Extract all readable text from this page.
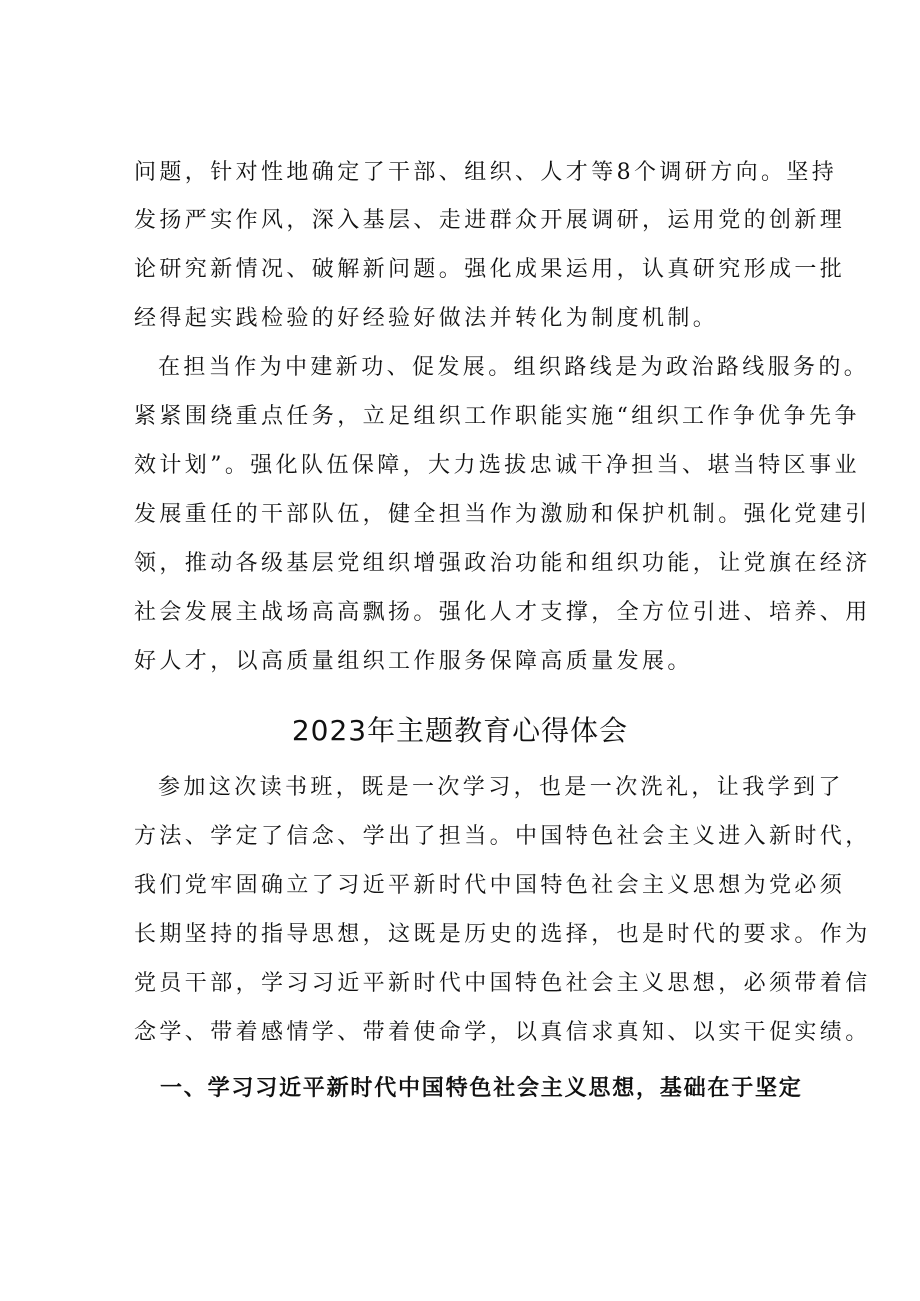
问题，针对性地确定了干部、组织、人才等8个调研方向。坚持
发扬严实作风，深入基层、走进群众开展调研，运用党的创新理
论研究新情况、破解新问题。强化成果运用，认真研究形成一批
经得起实践检验的好经验好做法并转化为制度机制。
在担当作为中建新功、促发展。组织路线是为政治路线服务的。
紧紧围绕重点任务，立足组织工作职能实施“组织工作争优争先争
效计划”。强化队伍保障，大力选拔忠诚干净担当、堪当特区事业
发展重任的干部队伍，健全担当作为激励和保护机制。强化党建引
领，推动各级基层党组织增强政治功能和组织功能，让党旗在经济
社会发展主战场高高飘扬。强化人才支撑，全方位引进、培养、用
好人才，以高质量组织工作服务保障高质量发展。
2023年主题教育心得体会
参加这次读书班，既是一次学习，也是一次洗礼，让我学到了
方法、学定了信念、学出了担当。中国特色社会主义进入新时代，
我们党牢固确立了习近平新时代中国特色社会主义思想为党必须
长期坚持的指导思想，这既是历史的选择，也是时代的要求。作为
党员干部，学习习近平新时代中国特色社会主义思想，必须带着信
念学、带着感情学、带着使命学，以真信求真知、以实干促实绩。
一、学习习近平新时代中国特色社会主义思想，基础在于坚定
